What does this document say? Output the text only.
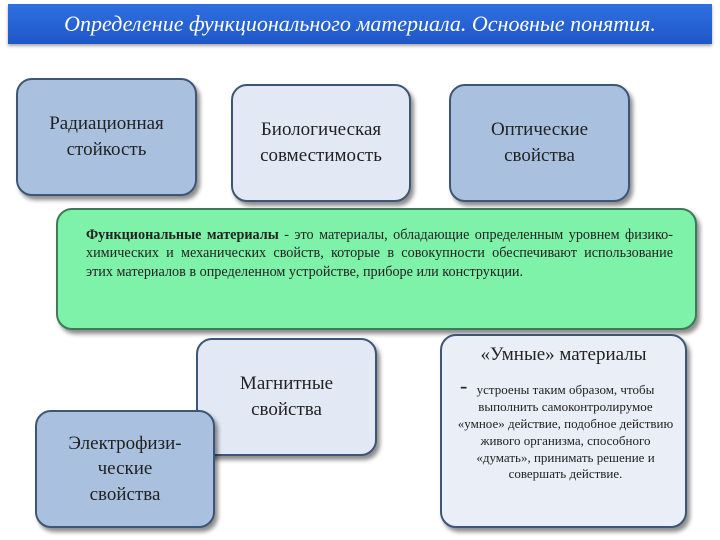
Определение функционального материала. Основные понятия.
Радиационная
стойкость
Биологическая
совместимость
Оптические
свойства
Функциональные материалы - это материалы, обладающие определенным уровнем физико-химических и механических свойств, которые в совокупности обеспечивают использование этих материалов в определенном устройстве, приборе или конструкции.
Магнитные
свойства
Электрофизи-
ческие
свойства
«Умные» материалы
- устроены таким образом, чтобы выполнить самоконтролирумое «умное» действие, подобное действию живого организма, способного «думать», принимать решение и совершать действие.
